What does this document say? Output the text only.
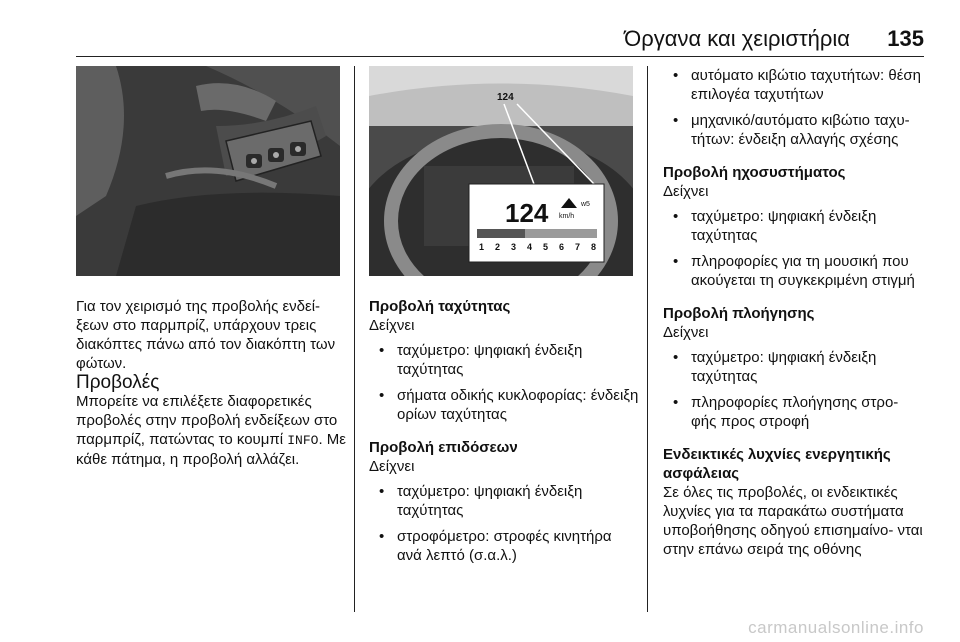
Όργανα και χειριστήρια 135
124
124 km/h
w5
1 2 3 4 5 6 7 8

Για τον χειρισμό της προβολής ενδεί- ξεων στο παρμπρίζ, υπάρχουν τρεις διακόπτες πάνω από τον διακόπτη των φώτων.

Προβολές

Μπορείτε να επιλέξετε διαφορετικές προβολές στην προβολή ενδείξεων στο παρμπρίζ, πατώντας το κουμπί INFO. Με κάθε πάτημα, η προβολή αλλάζει.

Προβολή ταχύτητας

Δείχνει

• ταχύμετρο: ψηφιακή ένδειξη ταχύτητας
• σήματα οδικής κυκλοφορίας: ένδειξη ορίων ταχύτητας

Προβολή επιδόσεων

Δείχνει

• ταχύμετρο: ψηφιακή ένδειξη ταχύτητας
• στροφόμετρο: στροφές κινητήρα ανά λεπτό (σ.α.λ.)
• αυτόματο κιβώτιο ταχυτήτων: θέση επιλογέα ταχυτήτων
• μηχανικό/αυτόματο κιβώτιο ταχυ- τήτων: ένδειξη αλλαγής σχέσης

Προβολή ηχοσυστήματος

Δείχνει

• ταχύμετρο: ψηφιακή ένδειξη ταχύτητας
• πληροφορίες για τη μουσική που ακούγεται τη συγκεκριμένη στιγμή

Προβολή πλοήγησης

Δείχνει

• ταχύμετρο: ψηφιακή ένδειξη ταχύτητας
• πληροφορίες πλοήγησης στρο- φής προς στροφή

Ενδεικτικές λυχνίες ενεργητικής ασφάλειας

Σε όλες τις προβολές, οι ενδεικτικές λυχνίες για τα παρακάτω συστήματα υποβοήθησης οδηγού επισημαίνο- νται στην επάνω σειρά της οθόνης

carmanualsonline.info
